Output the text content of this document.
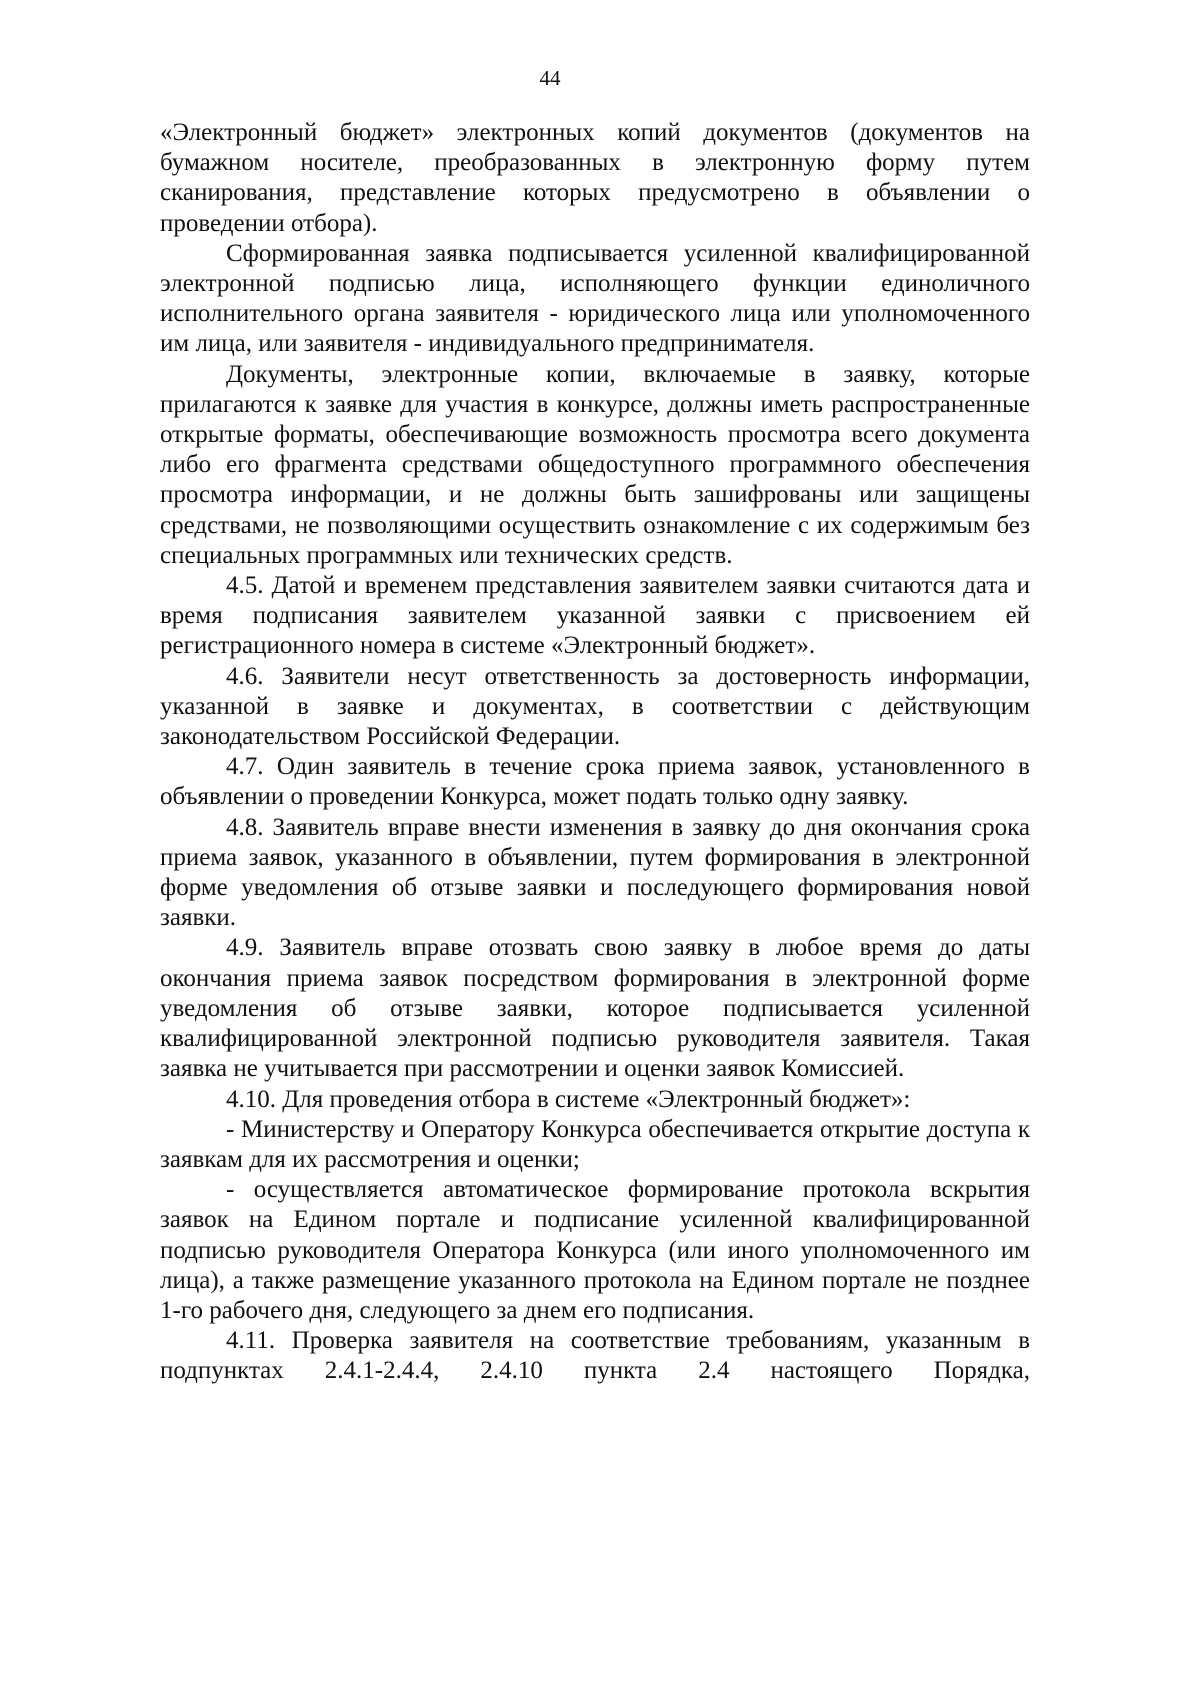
44

«Электронный бюджет» электронных копий документов (документов на бумажном носителе, преобразованных в электронную форму путем сканирования, представление которых предусмотрено в объявлении о проведении отбора).

Сформированная заявка подписывается усиленной квалифицированной электронной подписью лица, исполняющего функции единоличного исполнительного органа заявителя - юридического лица или уполномоченного им лица, или заявителя - индивидуального предпринимателя.

Документы, электронные копии, включаемые в заявку, которые прилагаются к заявке для участия в конкурсе, должны иметь распространенные открытые форматы, обеспечивающие возможность просмотра всего документа либо его фрагмента средствами общедоступного программного обеспечения просмотра информации, и не должны быть зашифрованы или защищены средствами, не позволяющими осуществить ознакомление с их содержимым без специальных программных или технических средств.

4.5. Датой и временем представления заявителем заявки считаются дата и время подписания заявителем указанной заявки с присвоением ей регистрационного номера в системе «Электронный бюджет».

4.6. Заявители несут ответственность за достоверность информации, указанной в заявке и документах, в соответствии с действующим законодательством Российской Федерации.

4.7. Один заявитель в течение срока приема заявок, установленного в объявлении о проведении Конкурса, может подать только одну заявку.

4.8. Заявитель вправе внести изменения в заявку до дня окончания срока приема заявок, указанного в объявлении, путем формирования в электронной форме уведомления об отзыве заявки и последующего формирования новой заявки.

4.9. Заявитель вправе отозвать свою заявку в любое время до даты окончания приема заявок посредством формирования в электронной форме уведомления об отзыве заявки, которое подписывается усиленной квалифицированной электронной подписью руководителя заявителя. Такая заявка не учитывается при рассмотрении и оценки заявок Комиссией.

4.10. Для проведения отбора в системе «Электронный бюджет»:

- Министерству и Оператору Конкурса обеспечивается открытие доступа к заявкам для их рассмотрения и оценки;

- осуществляется автоматическое формирование протокола вскрытия заявок на Едином портале и подписание усиленной квалифицированной подписью руководителя Оператора Конкурса (или иного уполномоченного им лица), а также размещение указанного протокола на Едином портале не позднее 1-го рабочего дня, следующего за днем его подписания.

4.11. Проверка заявителя на соответствие требованиям, указанным в подпунктах 2.4.1-2.4.4, 2.4.10 пункта 2.4 настоящего Порядка,
